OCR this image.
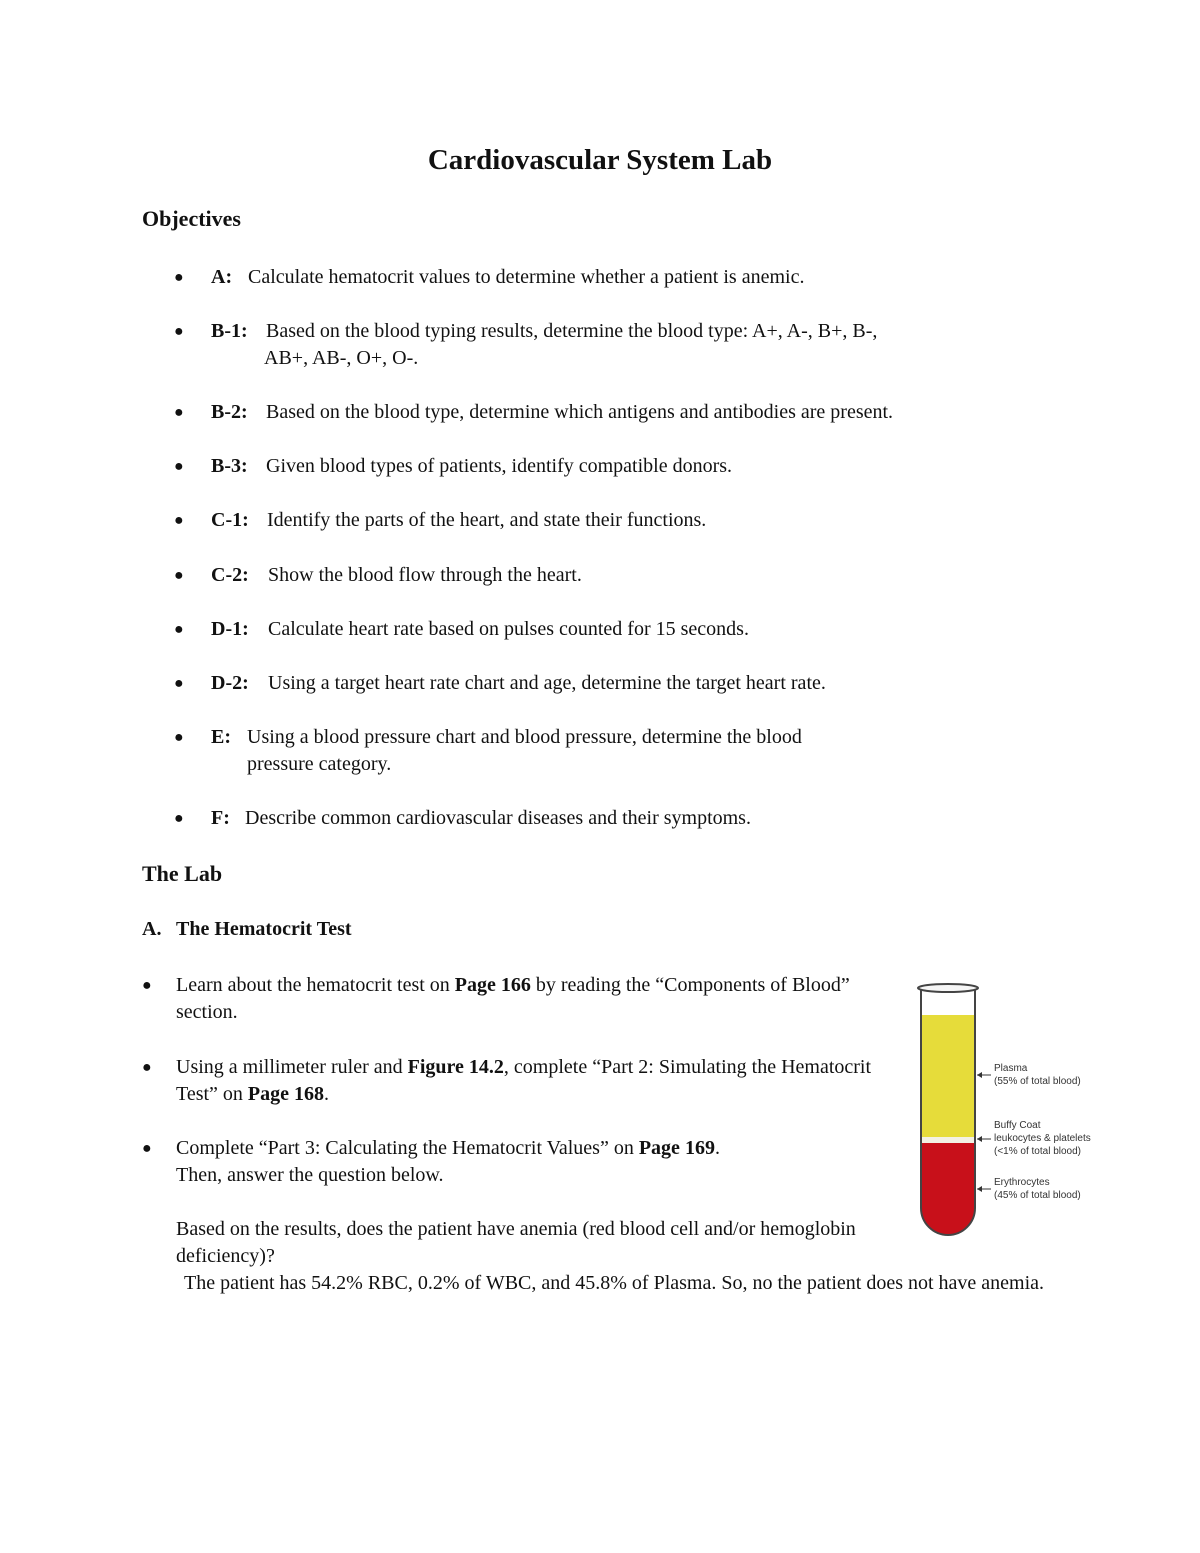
Cardiovascular System Lab
Objectives
● A: Calculate hematocrit values to determine whether a patient is anemic.
● B-1: Based on the blood typing results, determine the blood type: A+, A-, B+, B-,
AB+, AB-, O+, O-.
● B-2: Based on the blood type, determine which antigens and antibodies are present.
● B-3: Given blood types of patients, identify compatible donors.
● C-1: Identify the parts of the heart, and state their functions.
● C-2: Show the blood flow through the heart.
● D-1: Calculate heart rate based on pulses counted for 15 seconds.
● D-2: Using a target heart rate chart and age, determine the target heart rate.
● E: Using a blood pressure chart and blood pressure, determine the blood
pressure category.
● F: Describe common cardiovascular diseases and their symptoms.
The Lab
A. The Hematocrit Test
● Learn about the hematocrit test on Page 166 by reading the “Components of Blood” section.
● Using a millimeter ruler and Figure 14.2, complete “Part 2: Simulating the Hematocrit Test” on Page 168.
● Complete “Part 3: Calculating the Hematocrit Values” on Page 169.
Then, answer the question below.
Based on the results, does the patient have anemia (red blood cell and/or hemoglobin deficiency)?
The patient has 54.2% RBC, 0.2% of WBC, and 45.8% of Plasma. So, no the patient does not have anemia.
Plasma
(55% of total blood)
Buffy Coat
leukocytes & platelets
(<1% of total blood)
Erythrocytes
(45% of total blood)
